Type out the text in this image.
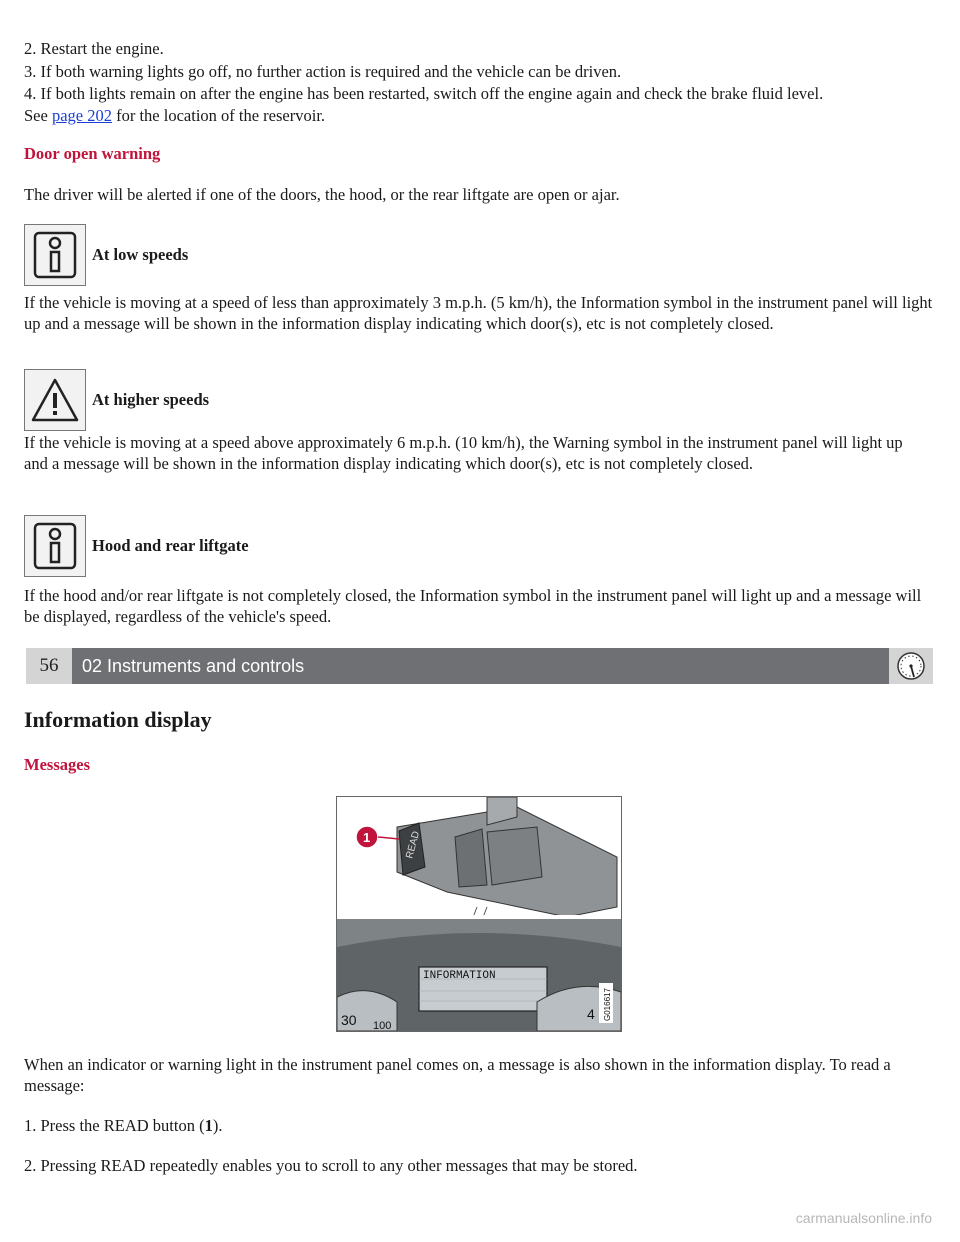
2. Restart the engine.

3. If both warning lights go off, no further action is required and the vehicle can be driven.

4. If both lights remain on after the engine has been restarted, switch off the engine again and check the brake fluid level.

See page 202 for the location of the reservoir.

Door open warning

The driver will be alerted if one of the doors, the hood, or the rear liftgate are open or ajar.

At low speeds

If the vehicle is moving at a speed of less than approximately 3 m.p.h. (5 km/h), the Information symbol in the instrument panel will light up and a message will be shown in the information display indicating which door(s), etc is not completely closed.

At higher speeds

If the vehicle is moving at a speed above approximately 6 m.p.h. (10 km/h), the Warning symbol in the instrument panel will light up and a message will be shown in the information display indicating which door(s), etc is not completely closed.

Hood and rear liftgate

If the hood and/or rear liftgate is not completely closed, the Information symbol in the instrument panel will light up and a message will be displayed, regardless of the vehicle's speed.

Information display

Messages

When an indicator or warning light in the instrument panel comes on, a message is also shown in the information display. To read a message:

1. Press the READ button (1).

2. Pressing READ repeatedly enables you to scroll to any other messages that may be stored.

56	02 Instruments and controls
READ
INFORMATION
30 100
4 G016617
1
carmanualsonline.info
